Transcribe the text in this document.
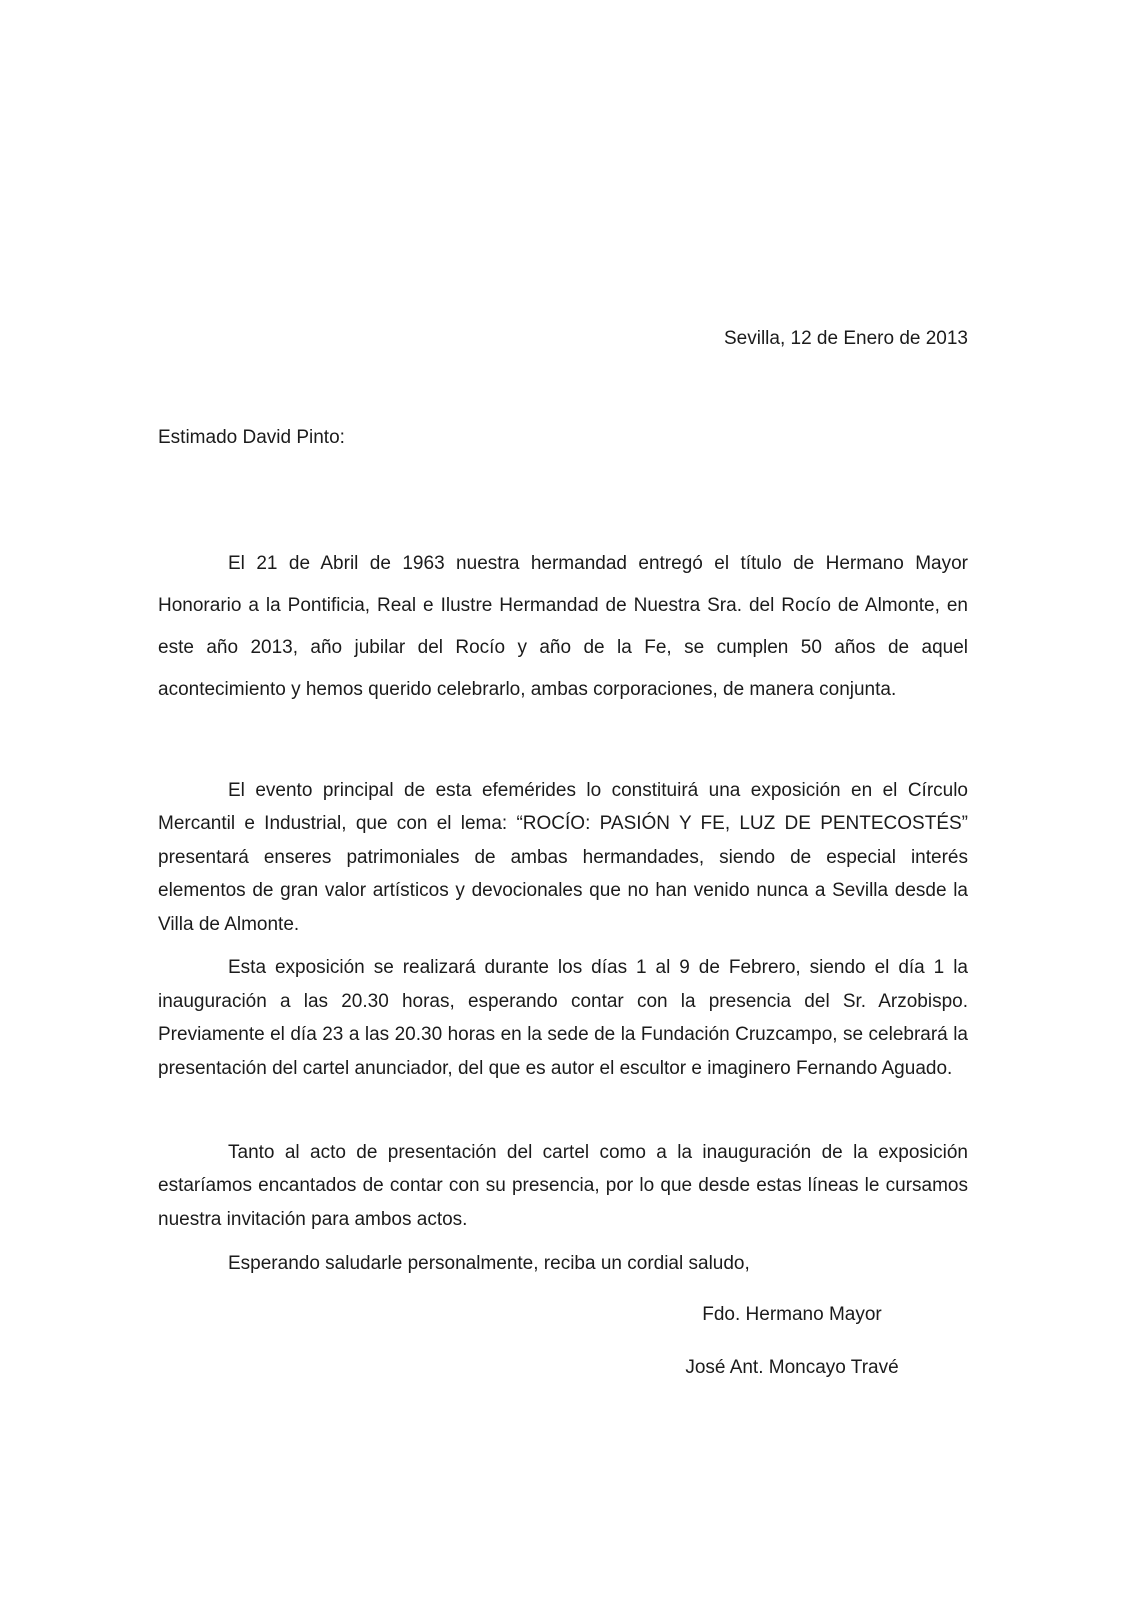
Sevilla, 12 de Enero de 2013
Estimado David Pinto:

El 21 de Abril de 1963 nuestra hermandad entregó el título de Hermano Mayor Honorario a la Pontificia, Real e Ilustre Hermandad de Nuestra Sra. del Rocío de Almonte, en este año 2013, año jubilar del Rocío y año de la Fe, se cumplen 50 años de aquel acontecimiento y hemos querido celebrarlo, ambas corporaciones, de manera conjunta.

El evento principal de esta efemérides lo constituirá una exposición en el Círculo Mercantil e Industrial, que con el lema: “ROCÍO: PASIÓN Y FE, LUZ DE PENTECOSTÉS” presentará enseres patrimoniales de ambas hermandades, siendo de especial interés elementos de gran valor artísticos y devocionales que no han venido nunca a Sevilla desde la Villa de Almonte.

Esta exposición se realizará durante los días 1 al 9 de Febrero, siendo el día 1 la inauguración a las 20.30 horas, esperando contar con la presencia del Sr. Arzobispo. Previamente el día 23 a las 20.30 horas en la sede de la Fundación Cruzcampo, se celebrará la presentación del cartel anunciador, del que es autor el escultor e imaginero Fernando Aguado.

Tanto al acto de presentación del cartel como a la inauguración de la exposición estaríamos encantados de contar con su presencia, por lo que desde estas líneas le cursamos nuestra invitación para ambos actos.

Esperando saludarle personalmente, reciba un cordial saludo,

Fdo. Hermano Mayor
José Ant. Moncayo Travé
